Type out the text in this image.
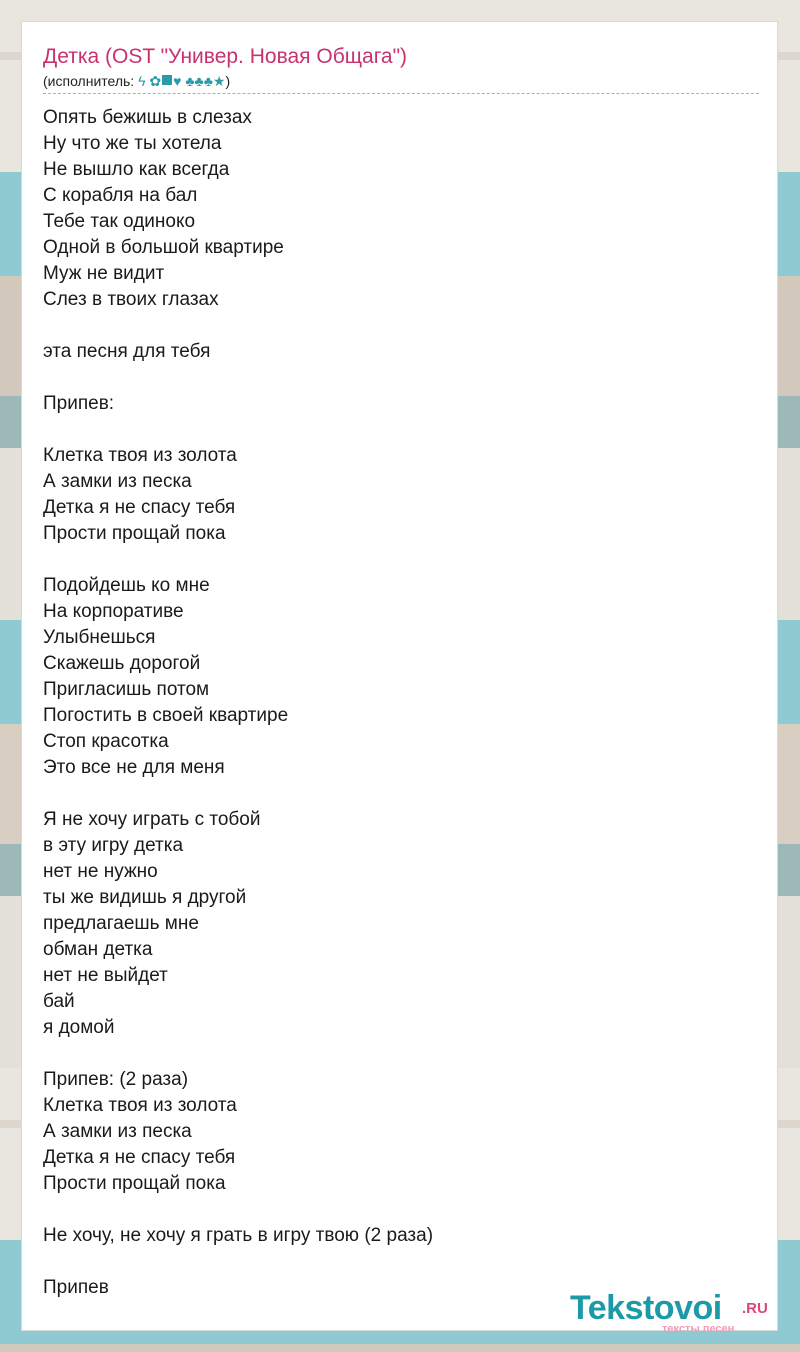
Детка (OST "Универ. Новая Общага")
(исполнитель: ϟ ✿ ♥ ♣♣♣★)
Опять бежишь в слезах
Ну что же ты хотела
Не вышло как всегда
С корабля на бал
Тебе так одиноко
Одной в большой квартире
Муж не видит
Слез в твоих глазах

эта песня для тебя

Припев:

Клетка твоя из золота
А замки из песка
Детка я не спасу тебя
Прости прощай пока

Подойдешь ко мне
На корпоративе
Улыбнешься
Скажешь дорогой
Пригласишь потом
Погостить в своей квартире
Стоп красотка
Это все не для меня

Я не хочу играть с тобой
в эту игру детка
нет не нужно
ты же видишь я другой
предлагаешь мне
обман детка
нет не выйдет
бай
я домой

Припев: (2 раза)
Клетка твоя из золота
А замки из песка
Детка я не спасу тебя
Прости прощай пока

Не хочу, не хочу я грать в игру твою (2 раза)

Припев
Tekstovoi .RU
тексты песен
